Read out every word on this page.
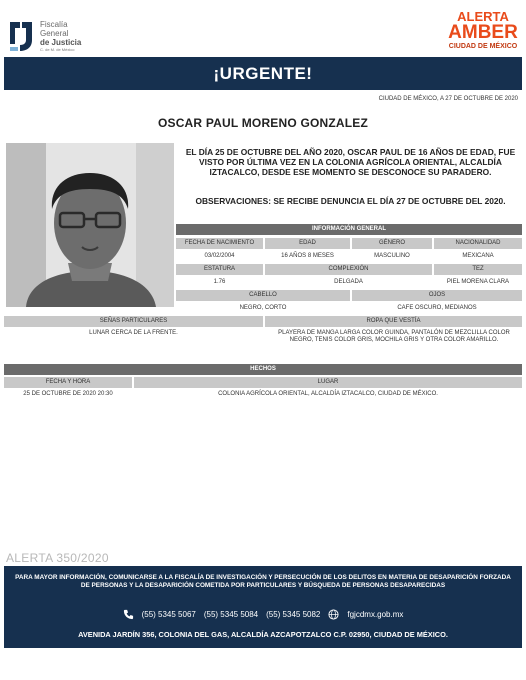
Fiscalía
General
de Justicia
C. de M. de México
ALERTA
AMBER
CIUDAD DE MÉXICO
¡URGENTE!
CIUDAD DE MÉXICO, A 27 DE OCTUBRE DE 2020
OSCAR PAUL MORENO GONZALEZ
EL DÍA 25 DE OCTUBRE DEL AÑO 2020, OSCAR PAUL DE 16 AÑOS DE EDAD, FUE VISTO POR ÚLTIMA VEZ EN LA COLONIA AGRÍCOLA ORIENTAL, ALCALDÍA IZTACALCO, DESDE ESE MOMENTO SE DESCONOCE SU PARADERO.
OBSERVACIONES: SE RECIBE DENUNCIA EL DÍA 27 DE OCTUBRE DEL 2020.
INFORMACIÓN GENERAL
FECHA DE NACIMIENTO	EDAD	GÉNERO	NACIONALIDAD
03/02/2004	16 AÑOS 8 MESES	MASCULINO	MEXICANA
ESTATURA	COMPLEXIÓN	TEZ
1.76	DELGADA	PIEL MORENA CLARA
CABELLO	OJOS
NEGRO, CORTO	CAFE OSCURO, MEDIANOS
SEÑAS PARTICULARES	ROPA QUE VESTÍA
LUNAR CERCA DE LA FRENTE.	PLAYERA DE MANGA LARGA COLOR GUINDA, PANTALÓN DE MEZCLILLA COLOR NEGRO, TENIS COLOR GRIS, MOCHILA GRIS Y OTRA COLOR AMARILLO.
HECHOS
FECHA Y HORA	LUGAR
25 DE OCTUBRE DE 2020 20:30	COLONIA AGRÍCOLA ORIENTAL, ALCALDÍA IZTACALCO, CIUDAD DE MÉXICO.
ALERTA 350/2020
PARA MAYOR INFORMACIÓN, COMUNICARSE A LA FISCALÍA DE INVESTIGACIÓN Y PERSECUCIÓN DE LOS DELITOS EN MATERIA DE DESAPARICIÓN FORZADA DE PERSONAS Y LA DESAPARICIÓN COMETIDA POR PARTICULARES Y BÚSQUEDA DE PERSONAS DESAPARECIDAS
(55) 5345 5067 (55) 5345 5084 (55) 5345 5082	fgjcdmx.gob.mx
AVENIDA JARDÍN 356, COLONIA DEL GAS, ALCALDÍA AZCAPOTZALCO C.P. 02950, CIUDAD DE MÉXICO.
